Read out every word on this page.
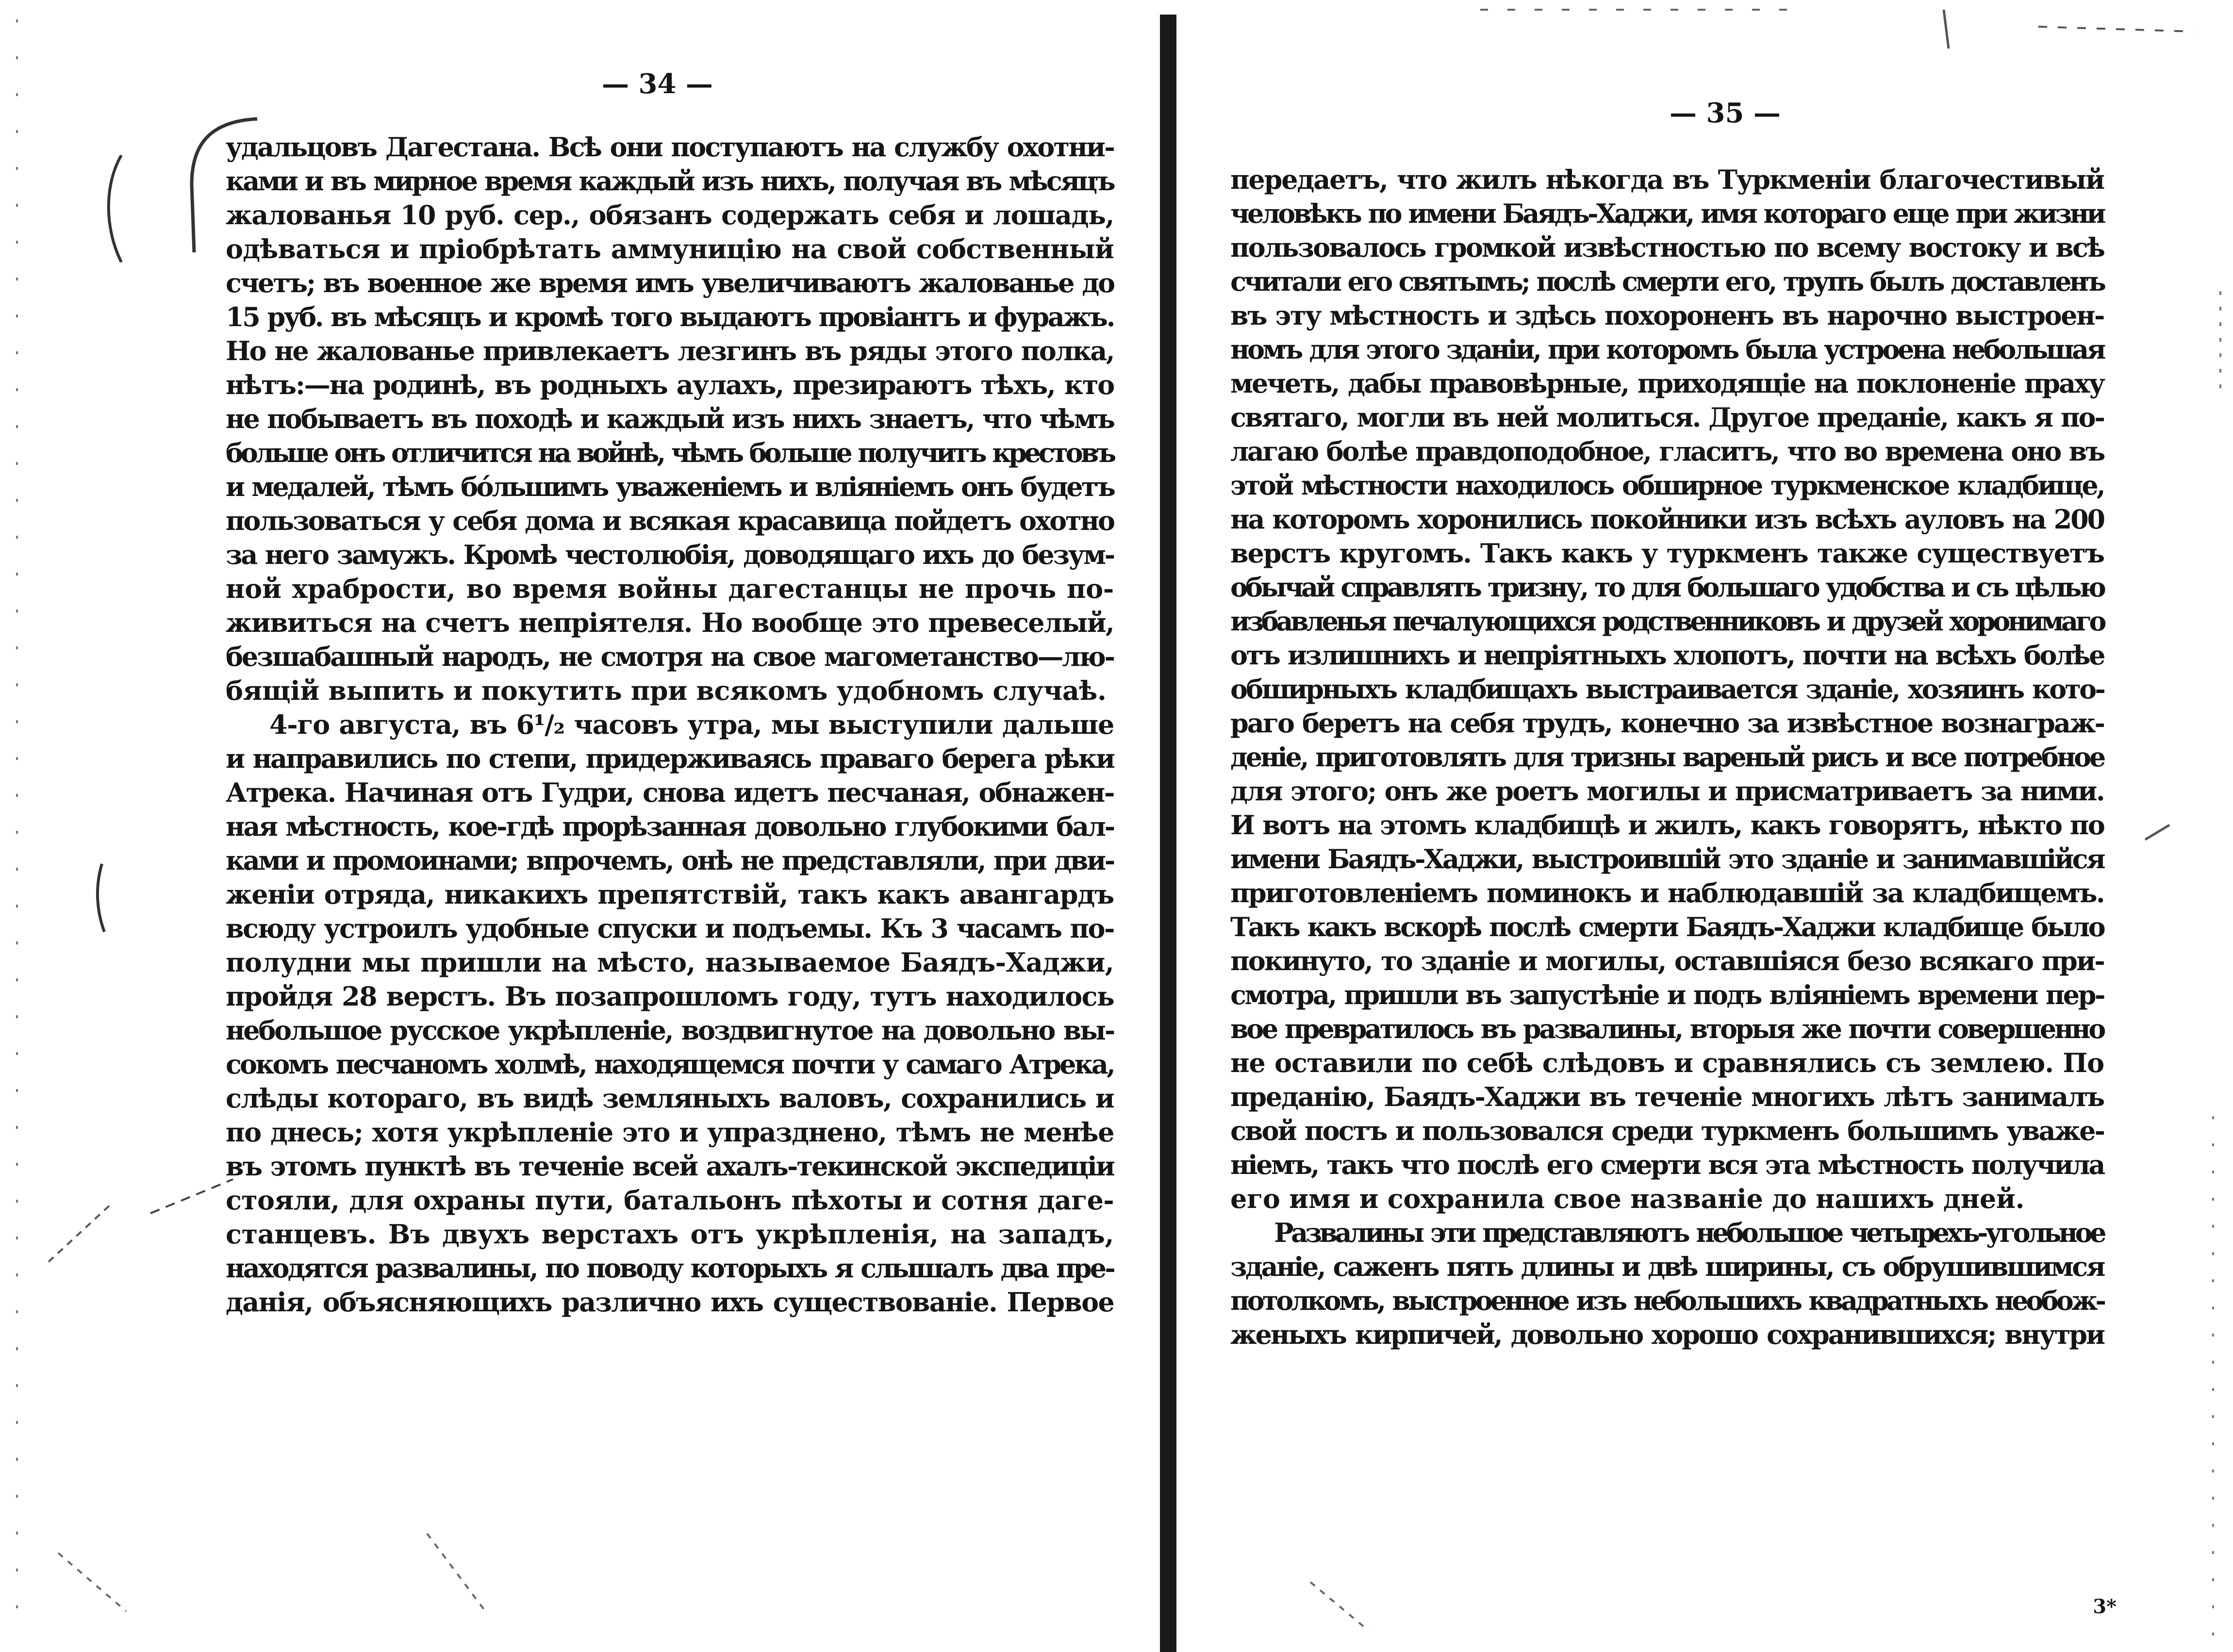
— 34 —
удальцовъ Дагестана. Всѣ они поступаютъ на службу охотни-
ками и въ мирное время каждый изъ нихъ, получая въ мѣсяцъ
жалованья 10 руб. сер., обязанъ содержать себя и лошадь,
одѣваться и пріобрѣтать аммуницію на свой собственный
счетъ; въ военное же время имъ увеличиваютъ жалованье до
15 руб. въ мѣсяцъ и кромѣ того выдаютъ провіантъ и фуражъ.
Но не жалованье привлекаетъ лезгинъ въ ряды этого полка,
нѣтъ:—на родинѣ, въ родныхъ аулахъ, презираютъ тѣхъ, кто
не побываетъ въ походѣ и каждый изъ нихъ знаетъ, что чѣмъ
больше онъ отличится на войнѣ, чѣмъ больше получитъ крестовъ
и медалей, тѣмъ бóльшимъ уваженіемъ и вліяніемъ онъ будетъ
пользоваться у себя дома и всякая красавица пойдетъ охотно
за него замужъ. Кромѣ честолюбія, доводящаго ихъ до безум-
ной храбрости, во время войны дагестанцы не прочь по-
живиться на счетъ непріятеля. Но вообще это превеселый,
безшабашный народъ, не смотря на свое магометанство—лю-
бящій выпить и покутить при всякомъ удобномъ случаѣ.
4-го августа, въ 6¹/₂ часовъ утра, мы выступили дальше
и направились по степи, придерживаясь праваго берега рѣки
Атрека. Начиная отъ Гудри, снова идетъ песчаная, обнажен-
ная мѣстность, кое-гдѣ прорѣзанная довольно глубокими бал-
ками и промоинами; впрочемъ, онѣ не представляли, при дви-
женіи отряда, никакихъ препятствій, такъ какъ авангардъ
всюду устроилъ удобные спуски и подъемы. Къ 3 часамъ по-
полудни мы пришли на мѣсто, называемое Баядъ-Хаджи,
пройдя 28 верстъ. Въ позапрошломъ году, тутъ находилось
небольшое русское укрѣпленіе, воздвигнутое на довольно вы-
сокомъ песчаномъ холмѣ, находящемся почти у самаго Атрека,
слѣды котораго, въ видѣ земляныхъ валовъ, сохранились и
по днесь; хотя укрѣпленіе это и упразднено, тѣмъ не менѣе
въ этомъ пунктѣ въ теченіе всей ахалъ-текинской экспедиціи
стояли, для охраны пути, батальонъ пѣхоты и сотня даге-
станцевъ. Въ двухъ верстахъ отъ укрѣпленія, на западъ,
находятся развалины, по поводу которыхъ я слышалъ два пре-
данія, объясняющихъ различно ихъ существованіе. Первое
— 35 —
передаетъ, что жилъ нѣкогда въ Туркменіи благочестивый
человѣкъ по имени Баядъ-Хаджи, имя котораго еще при жизни
пользовалось громкой извѣстностью по всему востоку и всѣ
считали его святымъ; послѣ смерти его, трупъ былъ доставленъ
въ эту мѣстность и здѣсь похороненъ въ нарочно выстроен-
номъ для этого зданіи, при которомъ была устроена небольшая
мечеть, дабы правовѣрные, приходящіе на поклоненіе праху
святаго, могли въ ней молиться. Другое преданіе, какъ я по-
лагаю болѣе правдоподобное, гласитъ, что во времена оно въ
этой мѣстности находилось обширное туркменское кладбище,
на которомъ хоронились покойники изъ всѣхъ ауловъ на 200
верстъ кругомъ. Такъ какъ у туркменъ также существуетъ
обычай справлять тризну, то для большаго удобства и съ цѣлью
избавленья печалующихся родственниковъ и друзей хоронимаго
отъ излишнихъ и непріятныхъ хлопотъ, почти на всѣхъ болѣе
обширныхъ кладбищахъ выстраивается зданіе, хозяинъ кото-
раго беретъ на себя трудъ, конечно за извѣстное вознаграж-
деніе, приготовлять для тризны вареный рисъ и все потребное
для этого; онъ же роетъ могилы и присматриваетъ за ними.
И вотъ на этомъ кладбищѣ и жилъ, какъ говорятъ, нѣкто по
имени Баядъ-Хаджи, выстроившій это зданіе и занимавшійся
приготовленіемъ поминокъ и наблюдавшій за кладбищемъ.
Такъ какъ вскорѣ послѣ смерти Баядъ-Хаджи кладбище было
покинуто, то зданіе и могилы, оставшіяся безо всякаго при-
смотра, пришли въ запустѣніе и подъ вліяніемъ времени пер-
вое превратилось въ развалины, вторыя же почти совершенно
не оставили по себѣ слѣдовъ и сравнялись съ землею. По
преданію, Баядъ-Хаджи въ теченіе многихъ лѣтъ занималъ
свой постъ и пользовался среди туркменъ большимъ уваже-
ніемъ, такъ что послѣ его смерти вся эта мѣстность получила
его имя и сохранила свое названіе до нашихъ дней.
Развалины эти представляютъ небольшое четырехъ-угольное
зданіе, саженъ пять длины и двѣ ширины, съ обрушившимся
потолкомъ, выстроенное изъ небольшихъ квадратныхъ необож-
женыхъ кирпичей, довольно хорошо сохранившихся; внутри
3*
